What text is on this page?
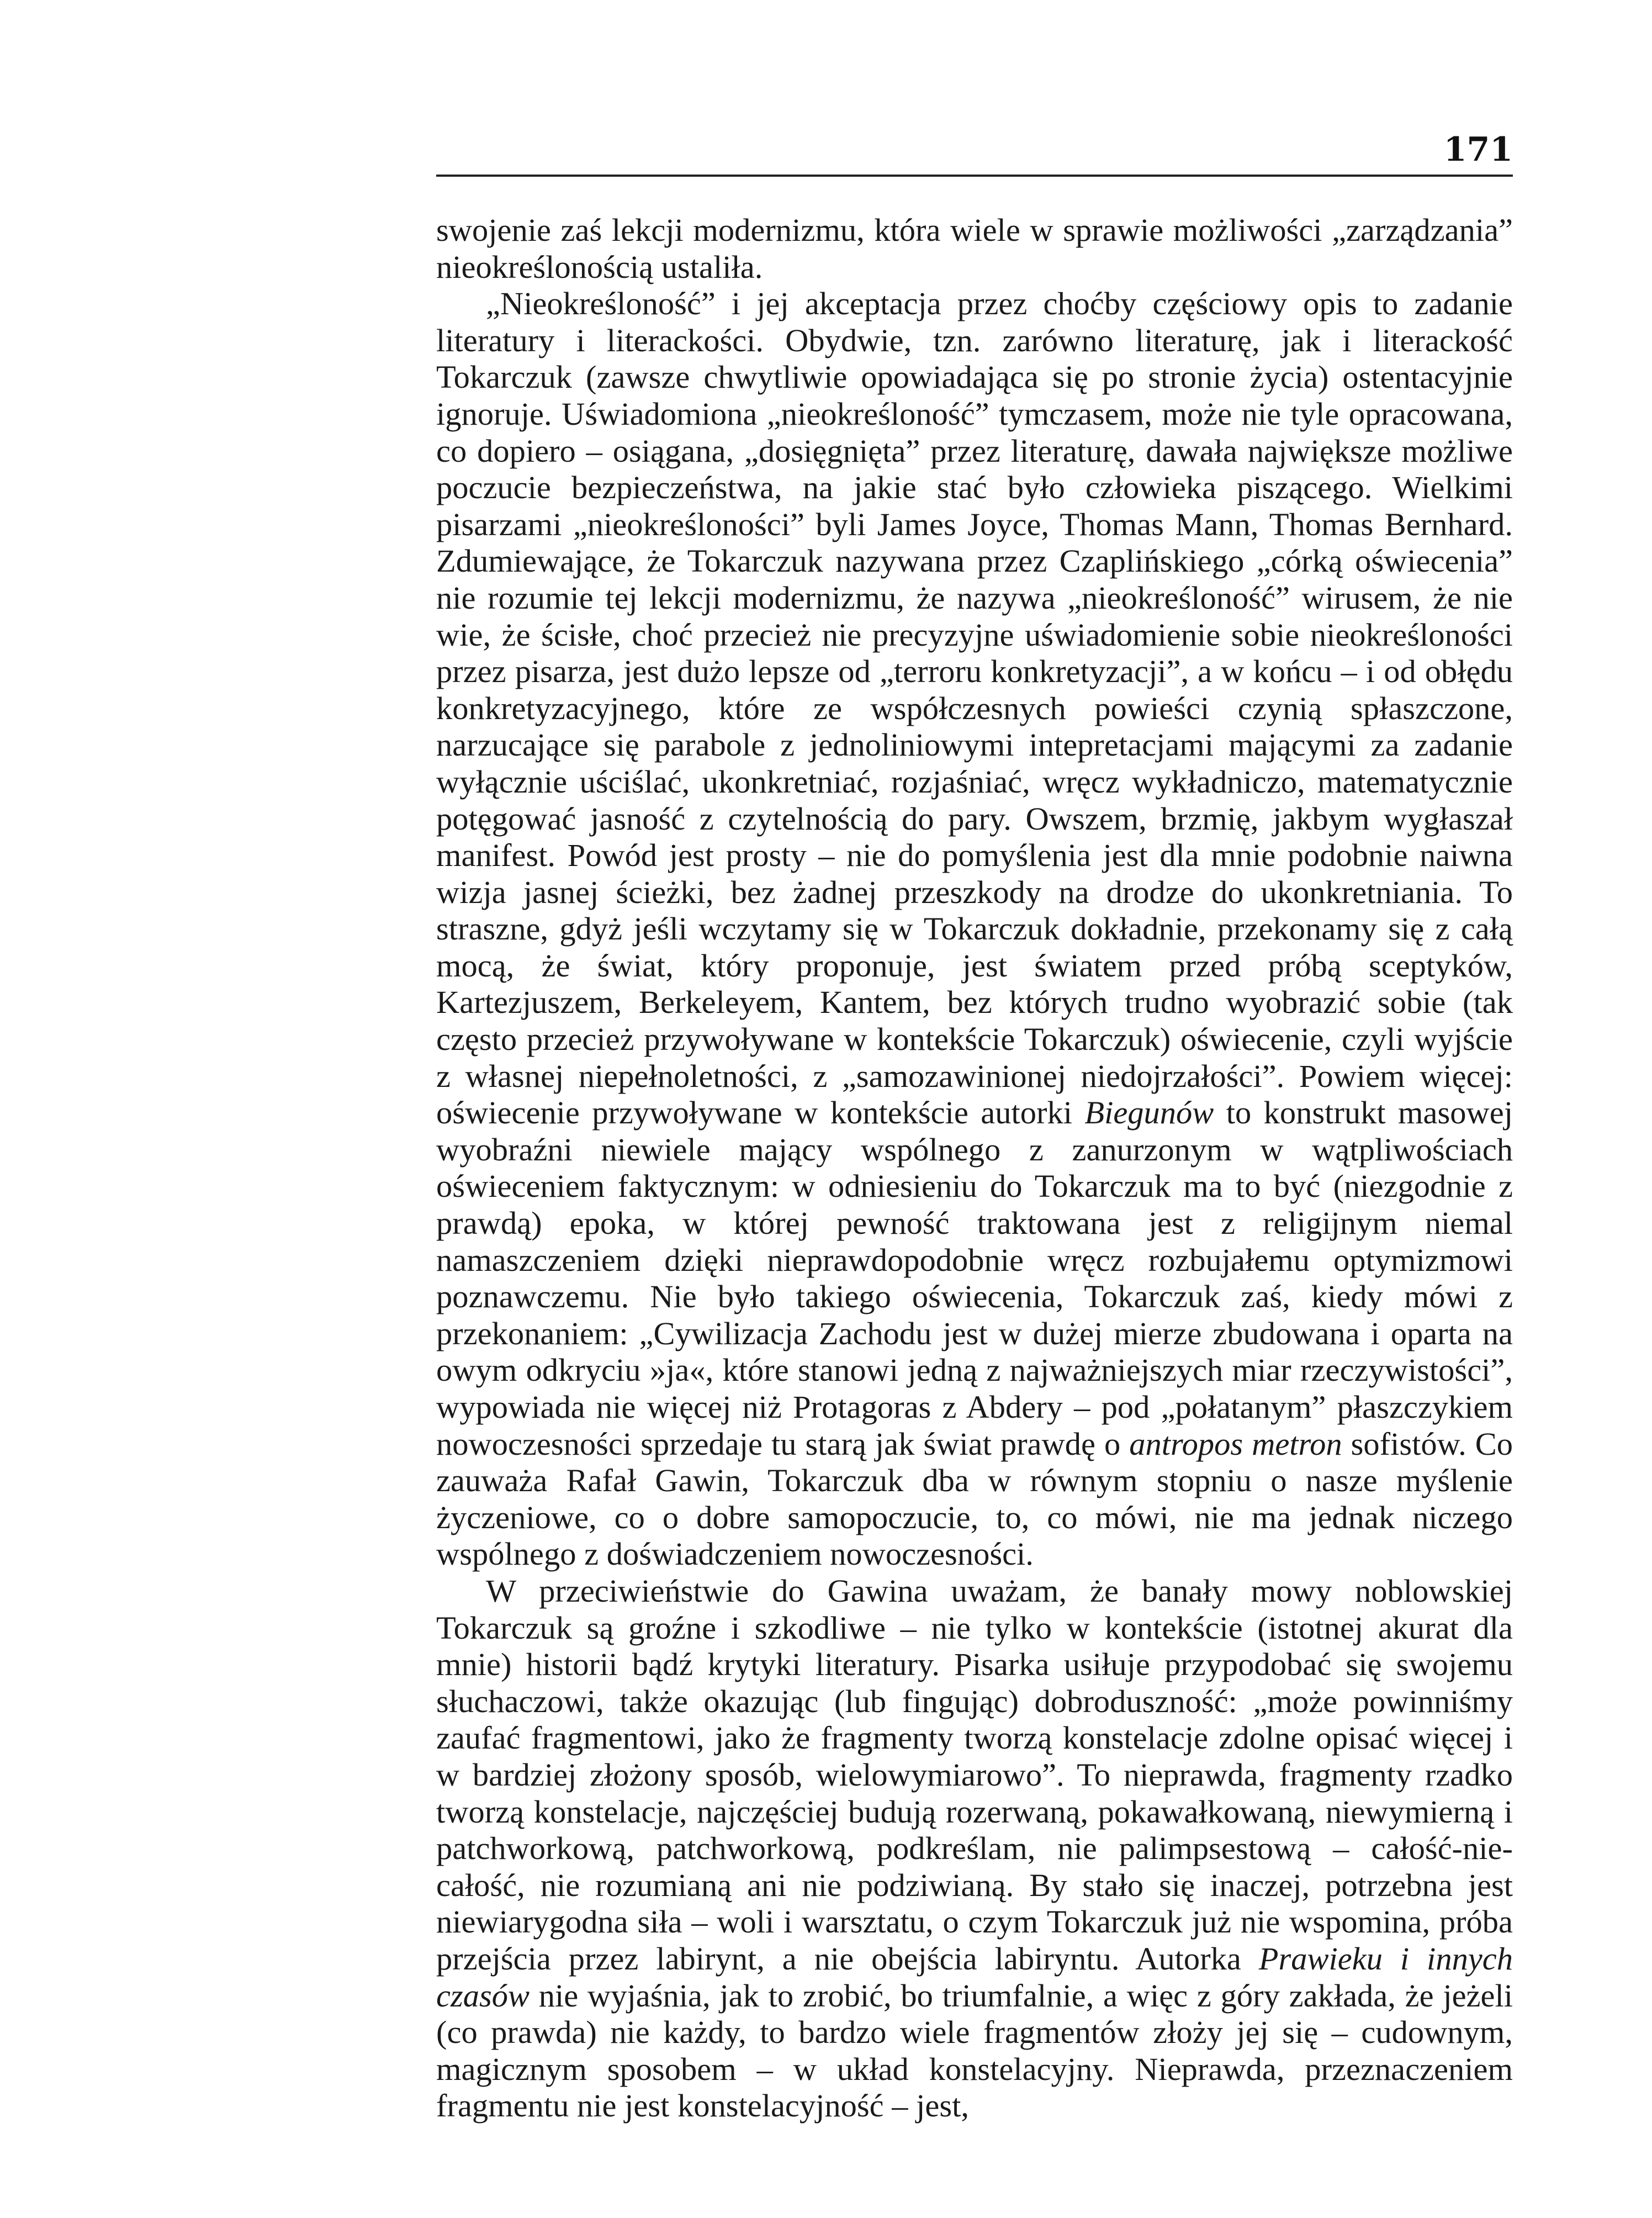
171

swojenie zaś lekcji modernizmu, która wiele w sprawie możliwości „zarządzania” nieokreślonością ustaliła.

„Nieokreśloność” i jej akceptacja przez choćby częściowy opis to zadanie literatury i literackości. Obydwie, tzn. zarówno literaturę, jak i literackość Tokarczuk (zawsze chwytliwie opowiadająca się po stronie życia) ostentacyjnie ignoruje. Uświadomiona „nieokreśloność” tymczasem, może nie tyle opracowana, co dopiero – osiągana, „dosięgnięta” przez literaturę, dawała największe możliwe poczucie bezpieczeństwa, na jakie stać było człowieka piszącego. Wielkimi pisarzami „nieokreśloności” byli James Joyce, Thomas Mann, Thomas Bernhard. Zdumiewające, że Tokarczuk nazywana przez Czaplińskiego „córką oświecenia” nie rozumie tej lekcji modernizmu, że nazywa „nieokreśloność” wirusem, że nie wie, że ścisłe, choć przecież nie precyzyjne uświadomienie sobie nieokreśloności przez pisarza, jest dużo lepsze od „terroru konkretyzacji”, a w końcu – i od obłędu konkretyzacyjnego, które ze współczesnych powieści czynią spłaszczone, narzucające się parabole z jednoliniowymi intepretacjami mającymi za zadanie wyłącznie uściślać, ukonkretniać, rozjaśniać, wręcz wykładniczo, matematycznie potęgować jasność z czytelnością do pary. Owszem, brzmię, jakbym wygłaszał manifest. Powód jest prosty – nie do pomyślenia jest dla mnie podobnie naiwna wizja jasnej ścieżki, bez żadnej przeszkody na drodze do ukonkretniania. To straszne, gdyż jeśli wczytamy się w Tokarczuk dokładnie, przekonamy się z całą mocą, że świat, który proponuje, jest światem przed próbą sceptyków, Kartezjuszem, Berkeleyem, Kantem, bez których trudno wyobrazić sobie (tak często przecież przywoływane w kontekście Tokarczuk) oświecenie, czyli wyjście z własnej niepełnoletności, z „samozawinionej niedojrzałości”. Powiem więcej: oświecenie przywoływane w kontekście autorki Biegunów to konstrukt masowej wyobraźni niewiele mający wspólnego z zanurzonym w wątpliwościach oświeceniem faktycznym: w odniesieniu do Tokarczuk ma to być (niezgodnie z prawdą) epoka, w której pewność traktowana jest z religijnym niemal namaszczeniem dzięki nieprawdopodobnie wręcz rozbujałemu optymizmowi poznawczemu. Nie było takiego oświecenia, Tokarczuk zaś, kiedy mówi z przekonaniem: „Cywilizacja Zachodu jest w dużej mierze zbudowana i oparta na owym odkryciu »ja«, które stanowi jedną z najważniejszych miar rzeczywistości”, wypowiada nie więcej niż Protagoras z Abdery – pod „połatanym” płaszczykiem nowoczesności sprzedaje tu starą jak świat prawdę o antropos metron sofistów. Co zauważa Rafał Gawin, Tokarczuk dba w równym stopniu o nasze myślenie życzeniowe, co o dobre samopoczucie, to, co mówi, nie ma jednak niczego wspólnego z doświadczeniem nowoczesności.

W przeciwieństwie do Gawina uważam, że banały mowy noblowskiej Tokarczuk są groźne i szkodliwe – nie tylko w kontekście (istotnej akurat dla mnie) historii bądź krytyki literatury. Pisarka usiłuje przypodobać się swojemu słuchaczowi, także okazując (lub fingując) dobroduszność: „może powinniśmy zaufać fragmentowi, jako że fragmenty tworzą konstelacje zdolne opisać więcej i w bardziej złożony sposób, wielowymiarowo”. To nieprawda, fragmenty rzadko tworzą konstelacje, najczęściej budują rozerwaną, pokawałkowaną, niewymierną i patchworkową, patchworkową, podkreślam, nie palimpsestową – całość-nie-całość, nie rozumianą ani nie podziwianą. By stało się inaczej, potrzebna jest niewiarygodna siła – woli i warsztatu, o czym Tokarczuk już nie wspomina, próba przejścia przez labirynt, a nie obejścia labiryntu. Autorka Prawieku i innych czasów nie wyjaśnia, jak to zrobić, bo triumfalnie, a więc z góry zakłada, że jeżeli (co prawda) nie każdy, to bardzo wiele fragmentów złoży jej się – cudownym, magicznym sposobem – w układ konstelacyjny. Nieprawda, przeznaczeniem fragmentu nie jest konstelacyjność – jest,
